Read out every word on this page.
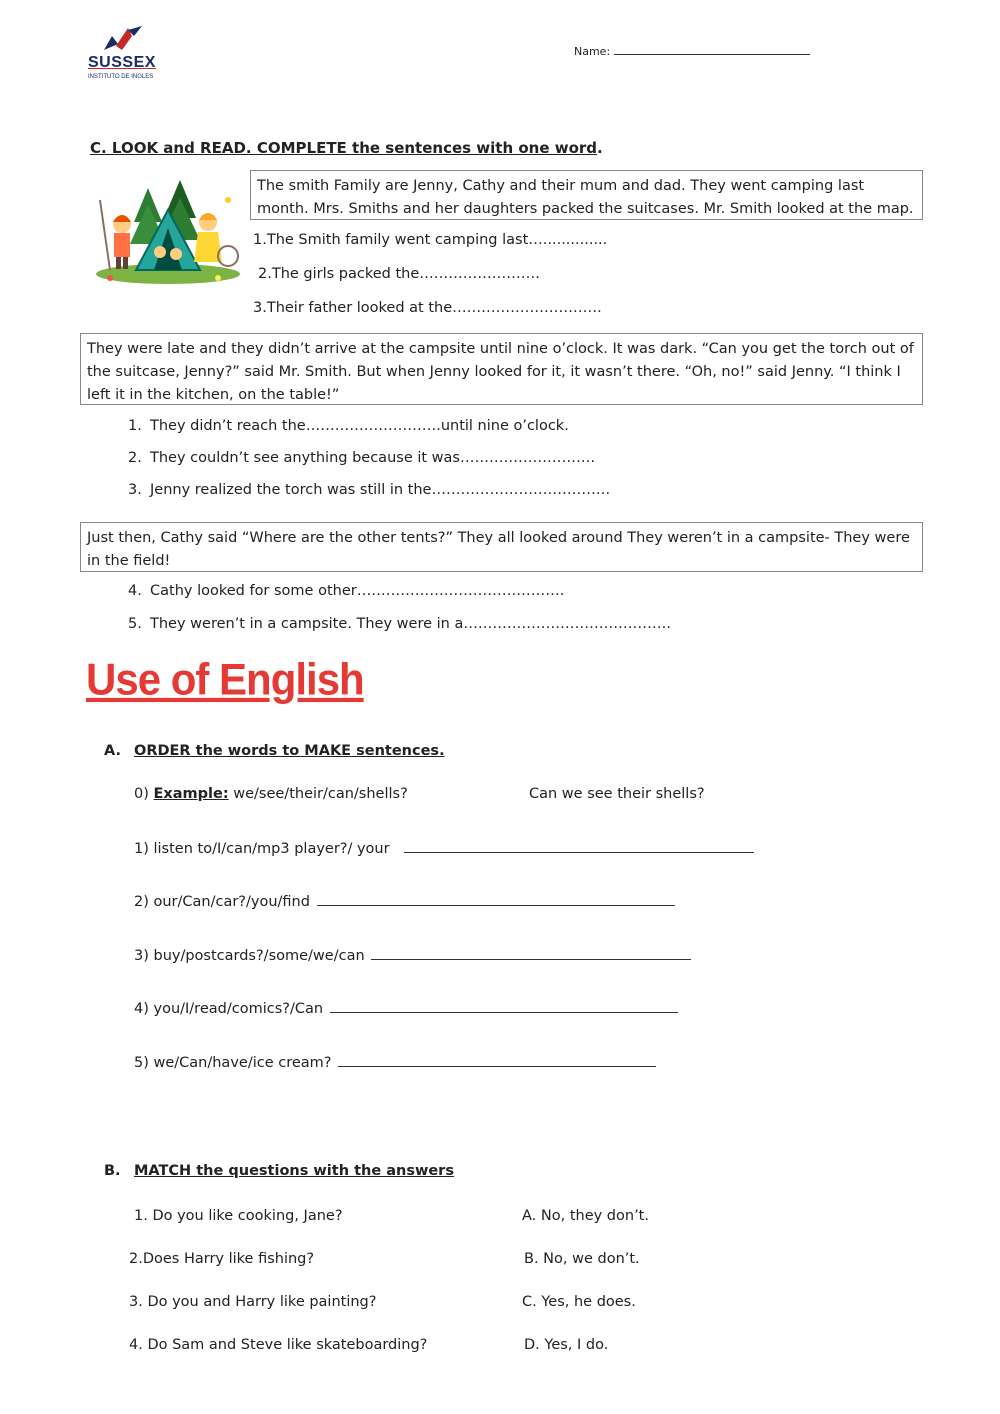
SUSSEX
INSTITUTO DE INGLES
Name:
C. LOOK and READ. COMPLETE the sentences with one word.
The smith Family are Jenny, Cathy and their mum and dad. They went camping last month. Mrs. Smiths and her daughters packed the suitcases. Mr. Smith looked at the map.
1.The Smith family went camping last…..............
2.The girls packed the…………………….
3.Their father looked at the………………………….
They were late and they didn’t arrive at the campsite until nine o’clock. It was dark. “Can you get the torch out of the suitcase, Jenny?” said Mr. Smith. But when Jenny looked for it, it wasn’t there. “Oh, no!” said Jenny. “I think I left it in the kitchen, on the table!”
1. They didn’t reach the……………………….until nine o’clock.
2. They couldn’t see anything because it was……………………….
3. Jenny realized the torch was still in the……………………………….
Just then, Cathy said “Where are the other tents?” They all looked around They weren’t in a campsite- They were in the field!
4. Cathy looked for some other…………………………………….
5. They weren’t in a campsite. They were in a…………………………………….
Use of English
A. ORDER the words to MAKE sentences.
0) Example: we/see/their/can/shells?	Can we see their shells?
1) listen to/I/can/mp3 player?/ your
2) our/Can/car?/you/find
3) buy/postcards?/some/we/can
4) you/I/read/comics?/Can
5) we/Can/have/ice cream?
B. MATCH the questions with the answers
1. Do you like cooking, Jane?
2.Does Harry like fishing?
3. Do you and Harry like painting?
4. Do Sam and Steve like skateboarding?
A. No, they don’t.
B. No, we don’t.
C. Yes, he does.
D. Yes, I do.
